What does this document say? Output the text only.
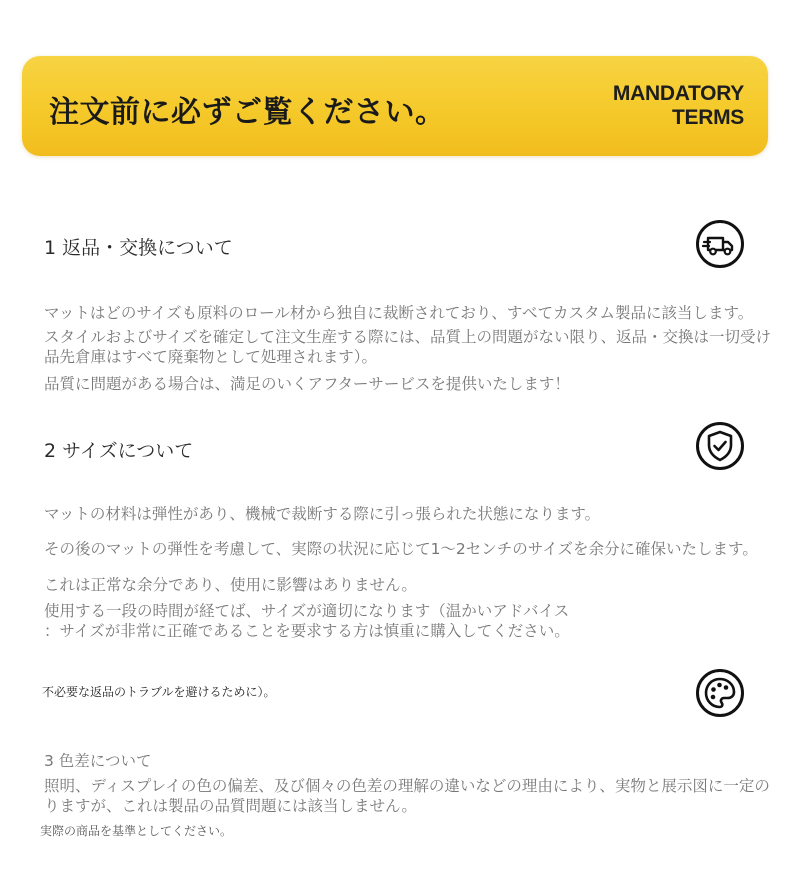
注文前に必ずご覧ください。
MANDATORY
TERMS
1 返品・交換について
マットはどのサイズも原料のロール材から独自に裁断されており、すべてカスタム製品に該当します。
スタイルおよびサイズを確定して注文生産する際には、品質上の問題がない限り、返品・交換は一切受け
品先倉庫はすべて廃棄物として処理されます）。
品質に問題がある場合は、満足のいくアフターサービスを提供いたします！
2 サイズについて
マットの材料は弾性があり、機械で裁断する際に引っ張られた状態になります。
その後のマットの弾性を考慮して、実際の状況に応じて1〜2センチのサイズを余分に確保いたします。
これは正常な余分であり、使用に影響はありません。
使用する一段の時間が経てば、サイズが適切になります（温かいアドバイス
：サイズが非常に正確であることを要求する方は慎重に購入してください。
不必要な返品のトラブルを避けるために）。
3 色差について
照明、ディスプレイの色の偏差、及び個々の色差の理解の違いなどの理由により、実物と展示図に一定の
りますが、これは製品の品質問題には該当しません。
実際の商品を基準としてください。
